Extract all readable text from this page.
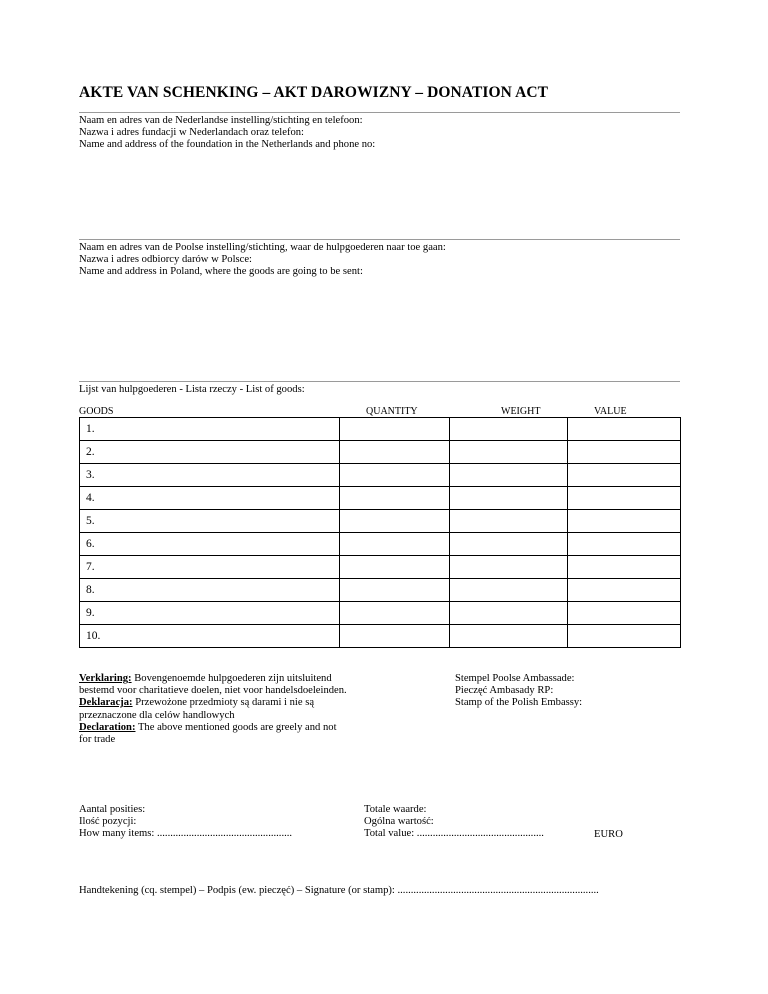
AKTE VAN SCHENKING – AKT DAROWIZNY – DONATION ACT
Naam en adres van de Nederlandse instelling/stichting en telefoon:
Nazwa i adres fundacji w Nederlandach oraz telefon:
Name and address of the foundation in the Netherlands and phone no:
Naam en adres van de Poolse instelling/stichting, waar de hulpgoederen naar toe gaan:
Nazwa i adres odbiorcy darów w Polsce:
Name and address in Poland, where the goods are going to be sent:
Lijst van hulpgoederen - Lista rzeczy - List of goods:
GOODS	QUANTITY	WEIGHT	VALUE
1.			
2.			
3.			
4.			
5.			
6.			
7.			
8.			
9.			
10.			
Verklaring: Bovengenoemde hulpgoederen zijn uitsluitend bestemd voor charitatieve doelen, niet voor handelsdoeleinden.
Deklaracja: Przewożone przedmioty są darami i nie są przeznaczone dla celów handlowych
Declaration: The above mentioned goods are greely and not for trade
Stempel Poolse Ambassade:
Pieczęć Ambasady RP:
Stamp of the Polish Embassy:
Aantal posities:
Ilość pozycji:
How many items: ...................................................
Totale waarde:
Ogólna wartość:
Total value: ................................................	EURO
Handtekening (cq. stempel) – Podpis (ew. pieczęć) – Signature (or stamp): ............................................................................
